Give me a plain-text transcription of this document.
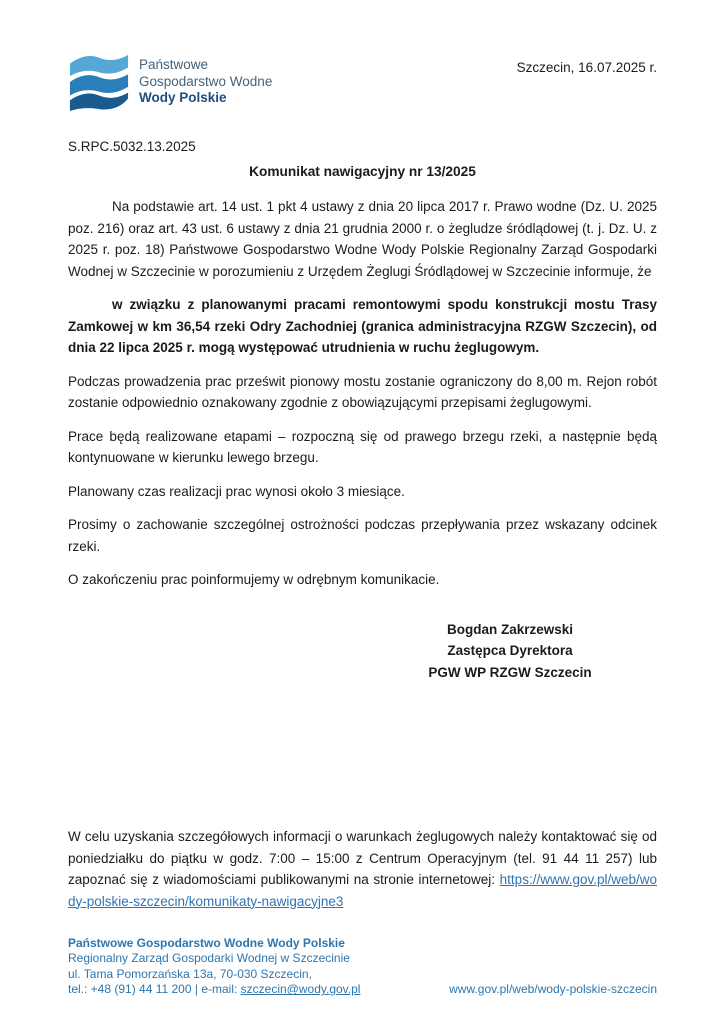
Państwowe
Gospodarstwo Wodne
Wody Polskie
Szczecin, 16.07.2025 r.
S.RPC.5032.13.2025
Komunikat nawigacyjny nr 13/2025

Na podstawie art. 14 ust. 1 pkt 4 ustawy z dnia 20 lipca 2017 r. Prawo wodne (Dz. U. 2025 poz. 216) oraz art. 43 ust. 6 ustawy z dnia 21 grudnia 2000 r. o żegludze śródlądowej (t. j. Dz. U. z 2025 r. poz. 18) Państwowe Gospodarstwo Wodne Wody Polskie Regionalny Zarząd Gospodarki Wodnej w Szczecinie w porozumieniu z Urzędem Żeglugi Śródlądowej w Szczecinie informuje, że

w związku z planowanymi pracami remontowymi spodu konstrukcji mostu Trasy Zamkowej w km 36,54 rzeki Odry Zachodniej (granica administracyjna RZGW Szczecin), od dnia 22 lipca 2025 r. mogą występować utrudnienia w ruchu żeglugowym.

Podczas prowadzenia prac prześwit pionowy mostu zostanie ograniczony do 8,00 m. Rejon robót zostanie odpowiednio oznakowany zgodnie z obowiązującymi przepisami żeglugowymi.

Prace będą realizowane etapami – rozpoczną się od prawego brzegu rzeki, a następnie będą kontynuowane w kierunku lewego brzegu.

Planowany czas realizacji prac wynosi około 3 miesiące.

Prosimy o zachowanie szczególnej ostrożności podczas przepływania przez wskazany odcinek rzeki.

O zakończeniu prac poinformujemy w odrębnym komunikacie.

Bogdan Zakrzewski
Zastępca Dyrektora
PGW WP RZGW Szczecin

W celu uzyskania szczegółowych informacji o warunkach żeglugowych należy kontaktować się od poniedziałku do piątku w godz. 7:00 – 15:00 z Centrum Operacyjnym (tel. 91 44 11 257) lub zapoznać się z wiadomościami publikowanymi na stronie internetowej: https://www.gov.pl/web/wody-polskie-szczecin/komunikaty-nawigacyjne3

Państwowe Gospodarstwo Wodne Wody Polskie
Regionalny Zarząd Gospodarki Wodnej w Szczecinie
ul. Tama Pomorzańska 13a, 70-030 Szczecin,
tel.: +48 (91) 44 11 200 | e-mail: szczecin@wody.gov.pl	www.gov.pl/web/wody-polskie-szczecin
